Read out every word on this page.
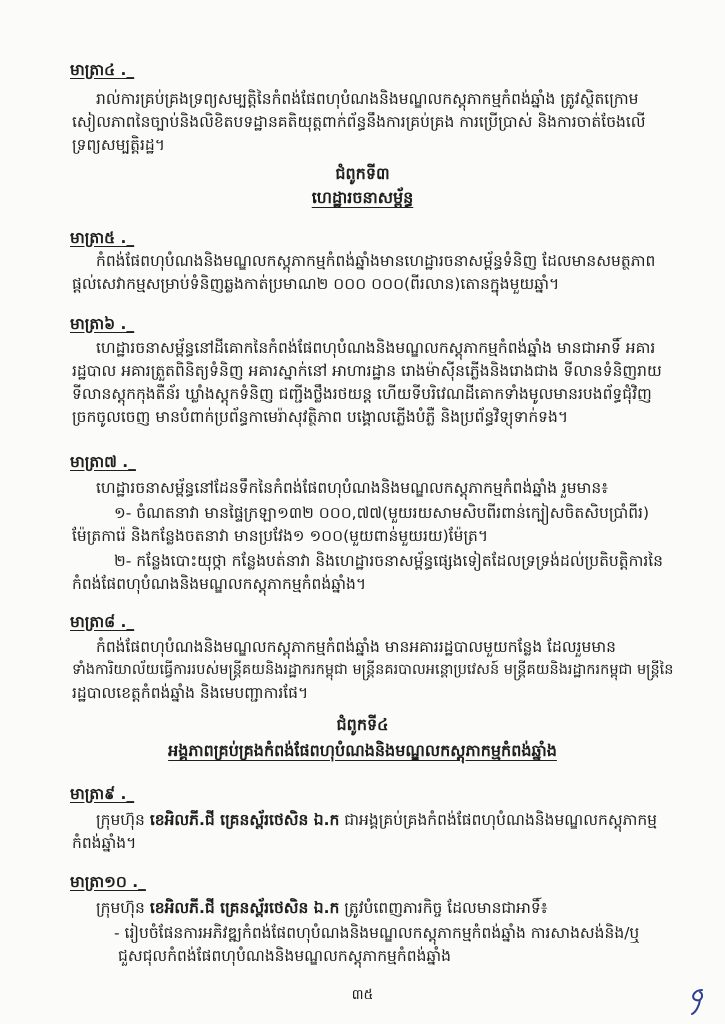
មាត្រា៤ ._
រាល់ការគ្រប់គ្រងទ្រព្យសម្បត្តិនៃកំពង់ផែពហុបំណងនិងមណ្ឌលកស្តុភាកម្មកំពង់ឆ្នាំង ត្រូវស្ថិតក្រោម
សៀលភាពនៃច្បាប់និងលិខិតបទដ្ឋានគតិយុត្តពាក់ព័ន្ធនឹងការគ្រប់គ្រង ការប្រើប្រាស់ និងការចាត់ចែងលើ
ទ្រព្យសម្បត្តិរដ្ឋ។
ជំពូកទី៣
ហេដ្ឋារចនាសម្ព័ន្ធ
មាត្រា៥ ._
កំពង់ផែពហុបំណងនិងមណ្ឌលកស្តុភាកម្មកំពង់ឆ្នាំងមានហេដ្ឋារចនាសម្ព័ន្ធទំនិញ ដែលមានសមត្ថភាព
ផ្តល់សេវាកម្មសម្រាប់ទំនិញឆ្លងកាត់ប្រមាណ២ ០០០ ០០០(ពីរលាន)តោនក្នុងមួយឆ្នាំ។
មាត្រា៦ ._
ហេដ្ឋារចនាសម្ព័ន្ធនៅដីគោកនៃកំពង់ផែពហុបំណងនិងមណ្ឌលកស្តុភាកម្មកំពង់ឆ្នាំង មានជាអាទិ៍ អគារ
រដ្ឋបាល អគារត្រួតពិនិត្យទំនិញ អគារស្នាក់នៅ អាហារដ្ឋាន រោងម៉ាស៊ីនភ្លើងនិងរោងជាង ទីលានទំនិញរាយ
ទីលានស្តុកកុងតឺន័រ ឃ្លាំងស្តុកទំនិញ ជញ្ជីងថ្លឹងរថយន្ត ហើយទីបរិវេណដីគោកទាំងមូលមានរបងព័ទ្ធជុំវិញ
ច្រកចូលចេញ មានបំពាក់ប្រព័ន្ធកាមេរ៉ាសុវត្ថិភាព បង្គោលភ្លើងបំភ្លឺ និងប្រព័ន្ធវិទ្យុទាក់ទង។
មាត្រា៧ ._
ហេដ្ឋារចនាសម្ព័ន្ធនៅដែនទឹកនៃកំពង់ផែពហុបំណងនិងមណ្ឌលកស្តុភាកម្មកំពង់ឆ្នាំង រួមមាន៖
១- ចំណតនាវា មានផ្ទៃក្រឡា១៣២ ០០០,៧៧(មួយរយសាមសិបពីរពាន់ក្បៀសចិតសិបប្រាំពីរ)
ម៉ែត្រការ៉េ និងកន្លែងចតនាវា មានប្រវែង១ ១០០(មួយពាន់មួយរយ)ម៉ែត្រ។
២- កន្លែងបោះយុថ្កា កន្លែងបត់នាវា និងហេដ្ឋារចនាសម្ព័ន្ធផ្សេងទៀតដែលទ្រទ្រង់ដល់ប្រតិបត្តិការនៃ
កំពង់ផែពហុបំណងនិងមណ្ឌលកស្តុភាកម្មកំពង់ឆ្នាំង។
មាត្រា៨ ._
កំពង់ផែពហុបំណងនិងមណ្ឌលកស្តុភាកម្មកំពង់ឆ្នាំង មានអគាររដ្ឋបាលមួយកន្លែង ដែលរួមមាន
ទាំងការិយាល័យធ្វើការរបស់មន្ត្រីគយនិងរដ្ឋាករកម្ពុជា មន្ត្រីនគរបាលអន្តោប្រវេសន៍ មន្ត្រីគយនិងរដ្ឋាករកម្ពុជា មន្ត្រីនៃ
រដ្ឋបាលខេត្តកំពង់ឆ្នាំង និងមេបញ្ជាការផែ។
ជំពូកទី៤
អង្គភាពគ្រប់គ្រងកំពង់ផែពហុបំណងនិងមណ្ឌលកស្តុភាកម្មកំពង់ឆ្នាំង
មាត្រា៩ ._
ក្រុមហ៊ុន ខេអិលភី.ជី គ្រេនស្ព័រថេសិន ឯ.ក ជាអង្គគ្រប់គ្រងកំពង់ផែពហុបំណងនិងមណ្ឌលកស្តុភាកម្ម
កំពង់ឆ្នាំង។
មាត្រា១០ ._
ក្រុមហ៊ុន ខេអិលភី.ជី គ្រេនស្ព័រថេសិន ឯ.ក ត្រូវបំពេញភារកិច្ច ដែលមានជាអាទិ៍៖
- រៀបចំផែនការអភិវឌ្ឍកំពង់ផែពហុបំណងនិងមណ្ឌលកស្តុភាកម្មកំពង់ឆ្នាំង ការសាងសង់និង/ឬ
ជួសជុលកំពង់ផែពហុបំណងនិងមណ្ឌលកស្តុភាកម្មកំពង់ឆ្នាំង
៣៥
